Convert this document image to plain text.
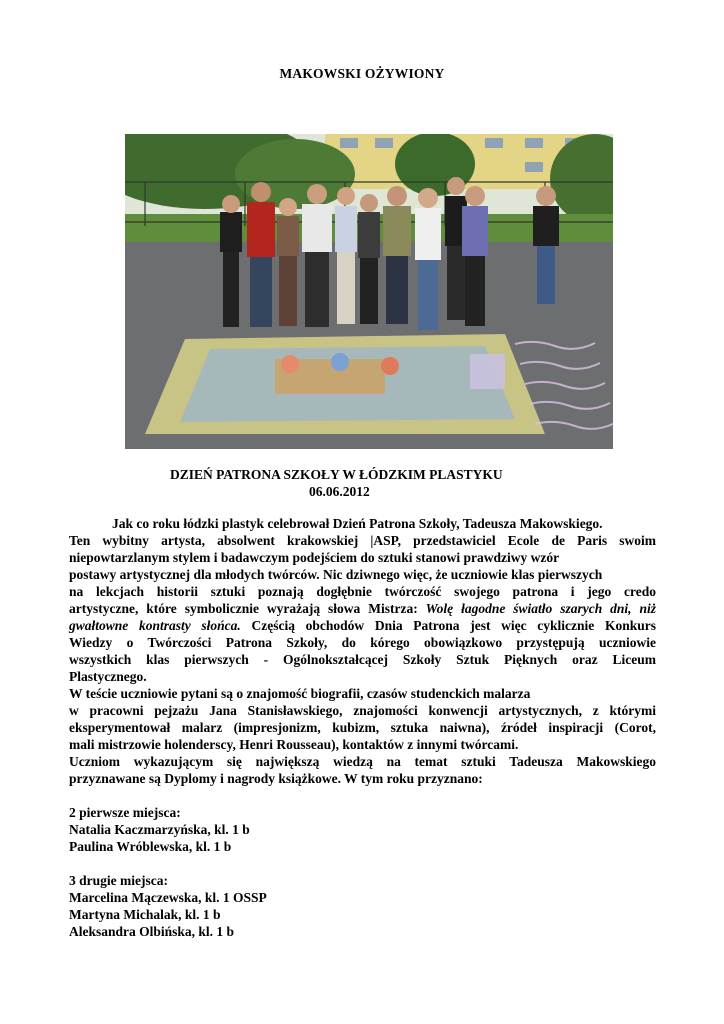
MAKOWSKI OŻYWIONY
DZIEŃ PATRONA SZKOŁY W ŁÓDZKIM PLASTYKU
06.06.2012
Jak co roku łódzki plastyk celebrował Dzień Patrona Szkoły, Tadeusza Makowskiego.
Ten wybitny artysta, absolwent krakowskiej |ASP, przedstawiciel Ecole de Paris swoim
niepowtarzlanym stylem i badawczym podejściem do sztuki stanowi prawdziwy wzór
postawy artystycznej dla młodych twórców. Nic dziwnego więc, że uczniowie klas pierwszych
na lekcjach historii sztuki poznają dogłębnie twórczość swojego patrona i jego credo
artystyczne, które symbolicznie wyrażają słowa Mistrza: Wolę łagodne światło szarych dni, niż
gwałtowne kontrasty słońca. Częścią obchodów Dnia Patrona jest więc cyklicznie Konkurs
Wiedzy o Twórczości Patrona Szkoły, do kórego obowiązkowo przystępują uczniowie
wszystkich klas pierwszych - Ogólnokształcącej Szkoły Sztuk Pięknych oraz Liceum
Plastycznego.
W teście uczniowie pytani są o znajomość biografii, czasów studenckich malarza
w pracowni pejzażu Jana Stanisławskiego, znajomości konwencji artystycznych, z którymi
eksperymentował malarz (impresjonizm, kubizm, sztuka naiwna), źródeł inspiracji (Corot,
mali mistrzowie holenderscy, Henri Rousseau), kontaktów z innymi twórcami.
Uczniom wykazującym się największą wiedzą na temat sztuki Tadeusza Makowskiego
przyznawane są Dyplomy i nagrody książkowe. W tym roku przyznano:
2 pierwsze miejsca:
Natalia Kaczmarzyńska, kl. 1 b
Paulina Wróblewska, kl. 1 b
3 drugie miejsca:
Marcelina Mączewska, kl. 1 OSSP
Martyna Michalak, kl. 1 b
Aleksandra Olbińska, kl. 1 b
